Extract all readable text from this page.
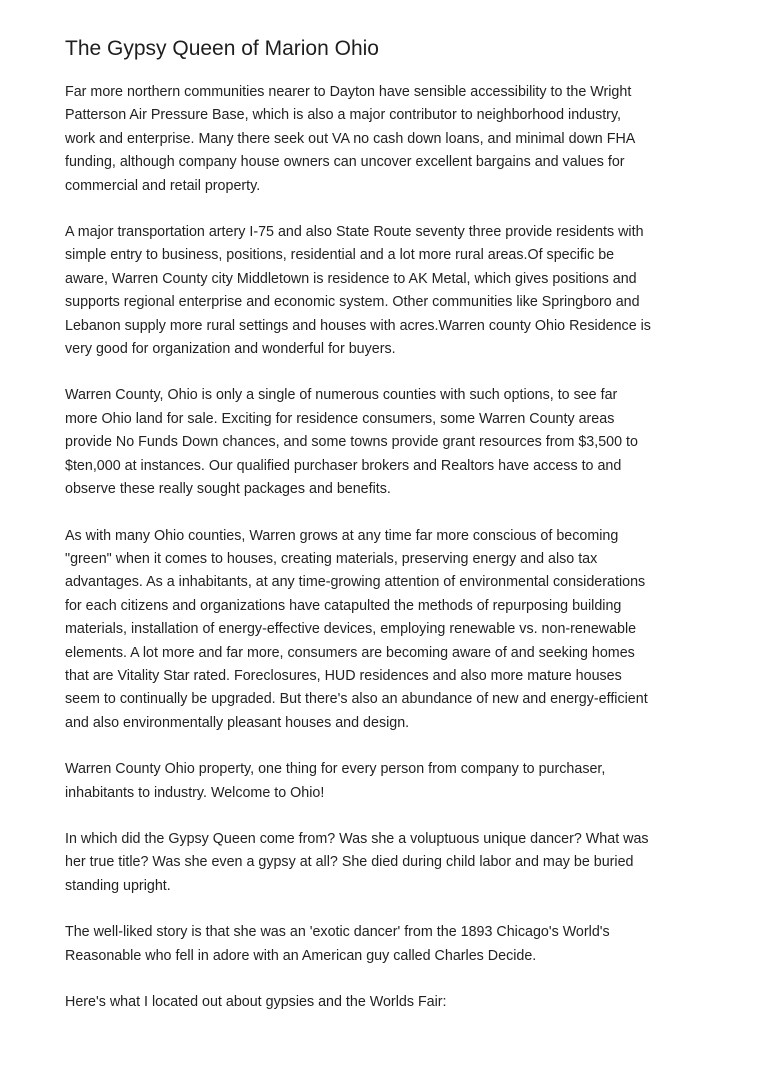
The Gypsy Queen of Marion Ohio

Far more northern communities nearer to Dayton have sensible accessibility to the Wright
Patterson Air Pressure Base, which is also a major contributor to neighborhood industry,
work and enterprise. Many there seek out VA no cash down loans, and minimal down FHA
funding, although company house owners can uncover excellent bargains and values for
commercial and retail property.

A major transportation artery I-75 and also State Route seventy three provide residents with
simple entry to business, positions, residential and a lot more rural areas.Of specific be
aware, Warren County city Middletown is residence to AK Metal, which gives positions and
supports regional enterprise and economic system. Other communities like Springboro and
Lebanon supply more rural settings and houses with acres.Warren county Ohio Residence is
very good for organization and wonderful for buyers.

Warren County, Ohio is only a single of numerous counties with such options, to see far
more Ohio land for sale. Exciting for residence consumers, some Warren County areas
provide No Funds Down chances, and some towns provide grant resources from $3,500 to
$ten,000 at instances. Our qualified purchaser brokers and Realtors have access to and
observe these really sought packages and benefits.

As with many Ohio counties, Warren grows at any time far more conscious of becoming
"green" when it comes to houses, creating materials, preserving energy and also tax
advantages. As a inhabitants, at any time-growing attention of environmental considerations
for each citizens and organizations have catapulted the methods of repurposing building
materials, installation of energy-effective devices, employing renewable vs. non-renewable
elements. A lot more and far more, consumers are becoming aware of and seeking homes
that are Vitality Star rated. Foreclosures, HUD residences and also more mature houses
seem to continually be upgraded. But there's also an abundance of new and energy-efficient
and also environmentally pleasant houses and design.

Warren County Ohio property, one thing for every person from company to purchaser,
inhabitants to industry. Welcome to Ohio!

In which did the Gypsy Queen come from? Was she a voluptuous unique dancer? What was
her true title? Was she even a gypsy at all? She died during child labor and may be buried
standing upright.

The well-liked story is that she was an 'exotic dancer' from the 1893 Chicago's World's
Reasonable who fell in adore with an American guy called Charles Decide.

Here's what I located out about gypsies and the Worlds Fair:
